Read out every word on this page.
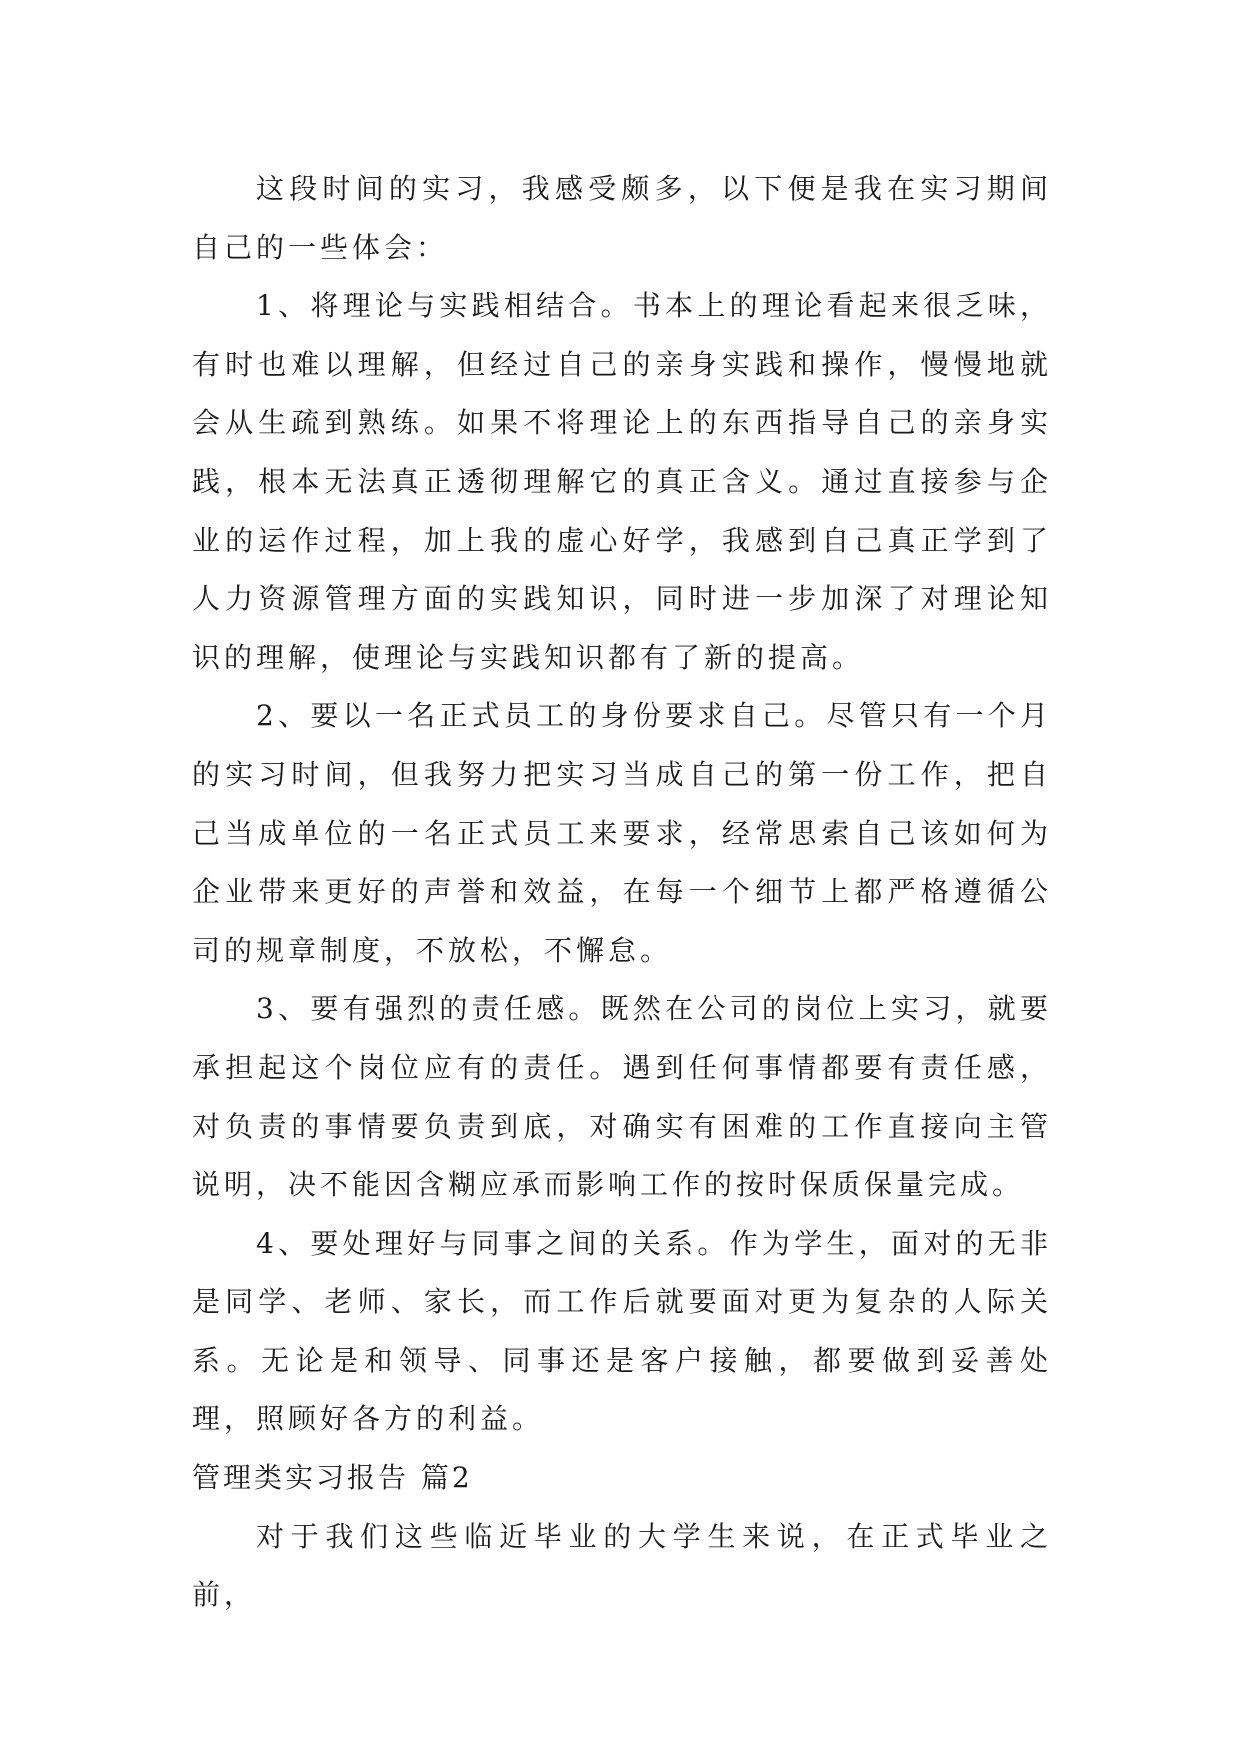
这段时间的实习，我感受颇多，以下便是我在实习期间自己的一些体会：

1、将理论与实践相结合。书本上的理论看起来很乏味，有时也难以理解，但经过自己的亲身实践和操作，慢慢地就会从生疏到熟练。如果不将理论上的东西指导自己的亲身实践，根本无法真正透彻理解它的真正含义。通过直接参与企业的运作过程，加上我的虚心好学，我感到自己真正学到了人力资源管理方面的实践知识，同时进一步加深了对理论知识的理解，使理论与实践知识都有了新的提高。

2、要以一名正式员工的身份要求自己。尽管只有一个月的实习时间，但我努力把实习当成自己的第一份工作，把自己当成单位的一名正式员工来要求，经常思索自己该如何为企业带来更好的声誉和效益，在每一个细节上都严格遵循公司的规章制度，不放松，不懈怠。

3、要有强烈的责任感。既然在公司的岗位上实习，就要承担起这个岗位应有的责任。遇到任何事情都要有责任感，对负责的事情要负责到底，对确实有困难的工作直接向主管说明，决不能因含糊应承而影响工作的按时保质保量完成。

4、要处理好与同事之间的关系。作为学生，面对的无非是同学、老师、家长，而工作后就要面对更为复杂的人际关系。无论是和领导、同事还是客户接触，都要做到妥善处理，照顾好各方的利益。

管理类实习报告 篇2

对于我们这些临近毕业的大学生来说，在正式毕业之前，
